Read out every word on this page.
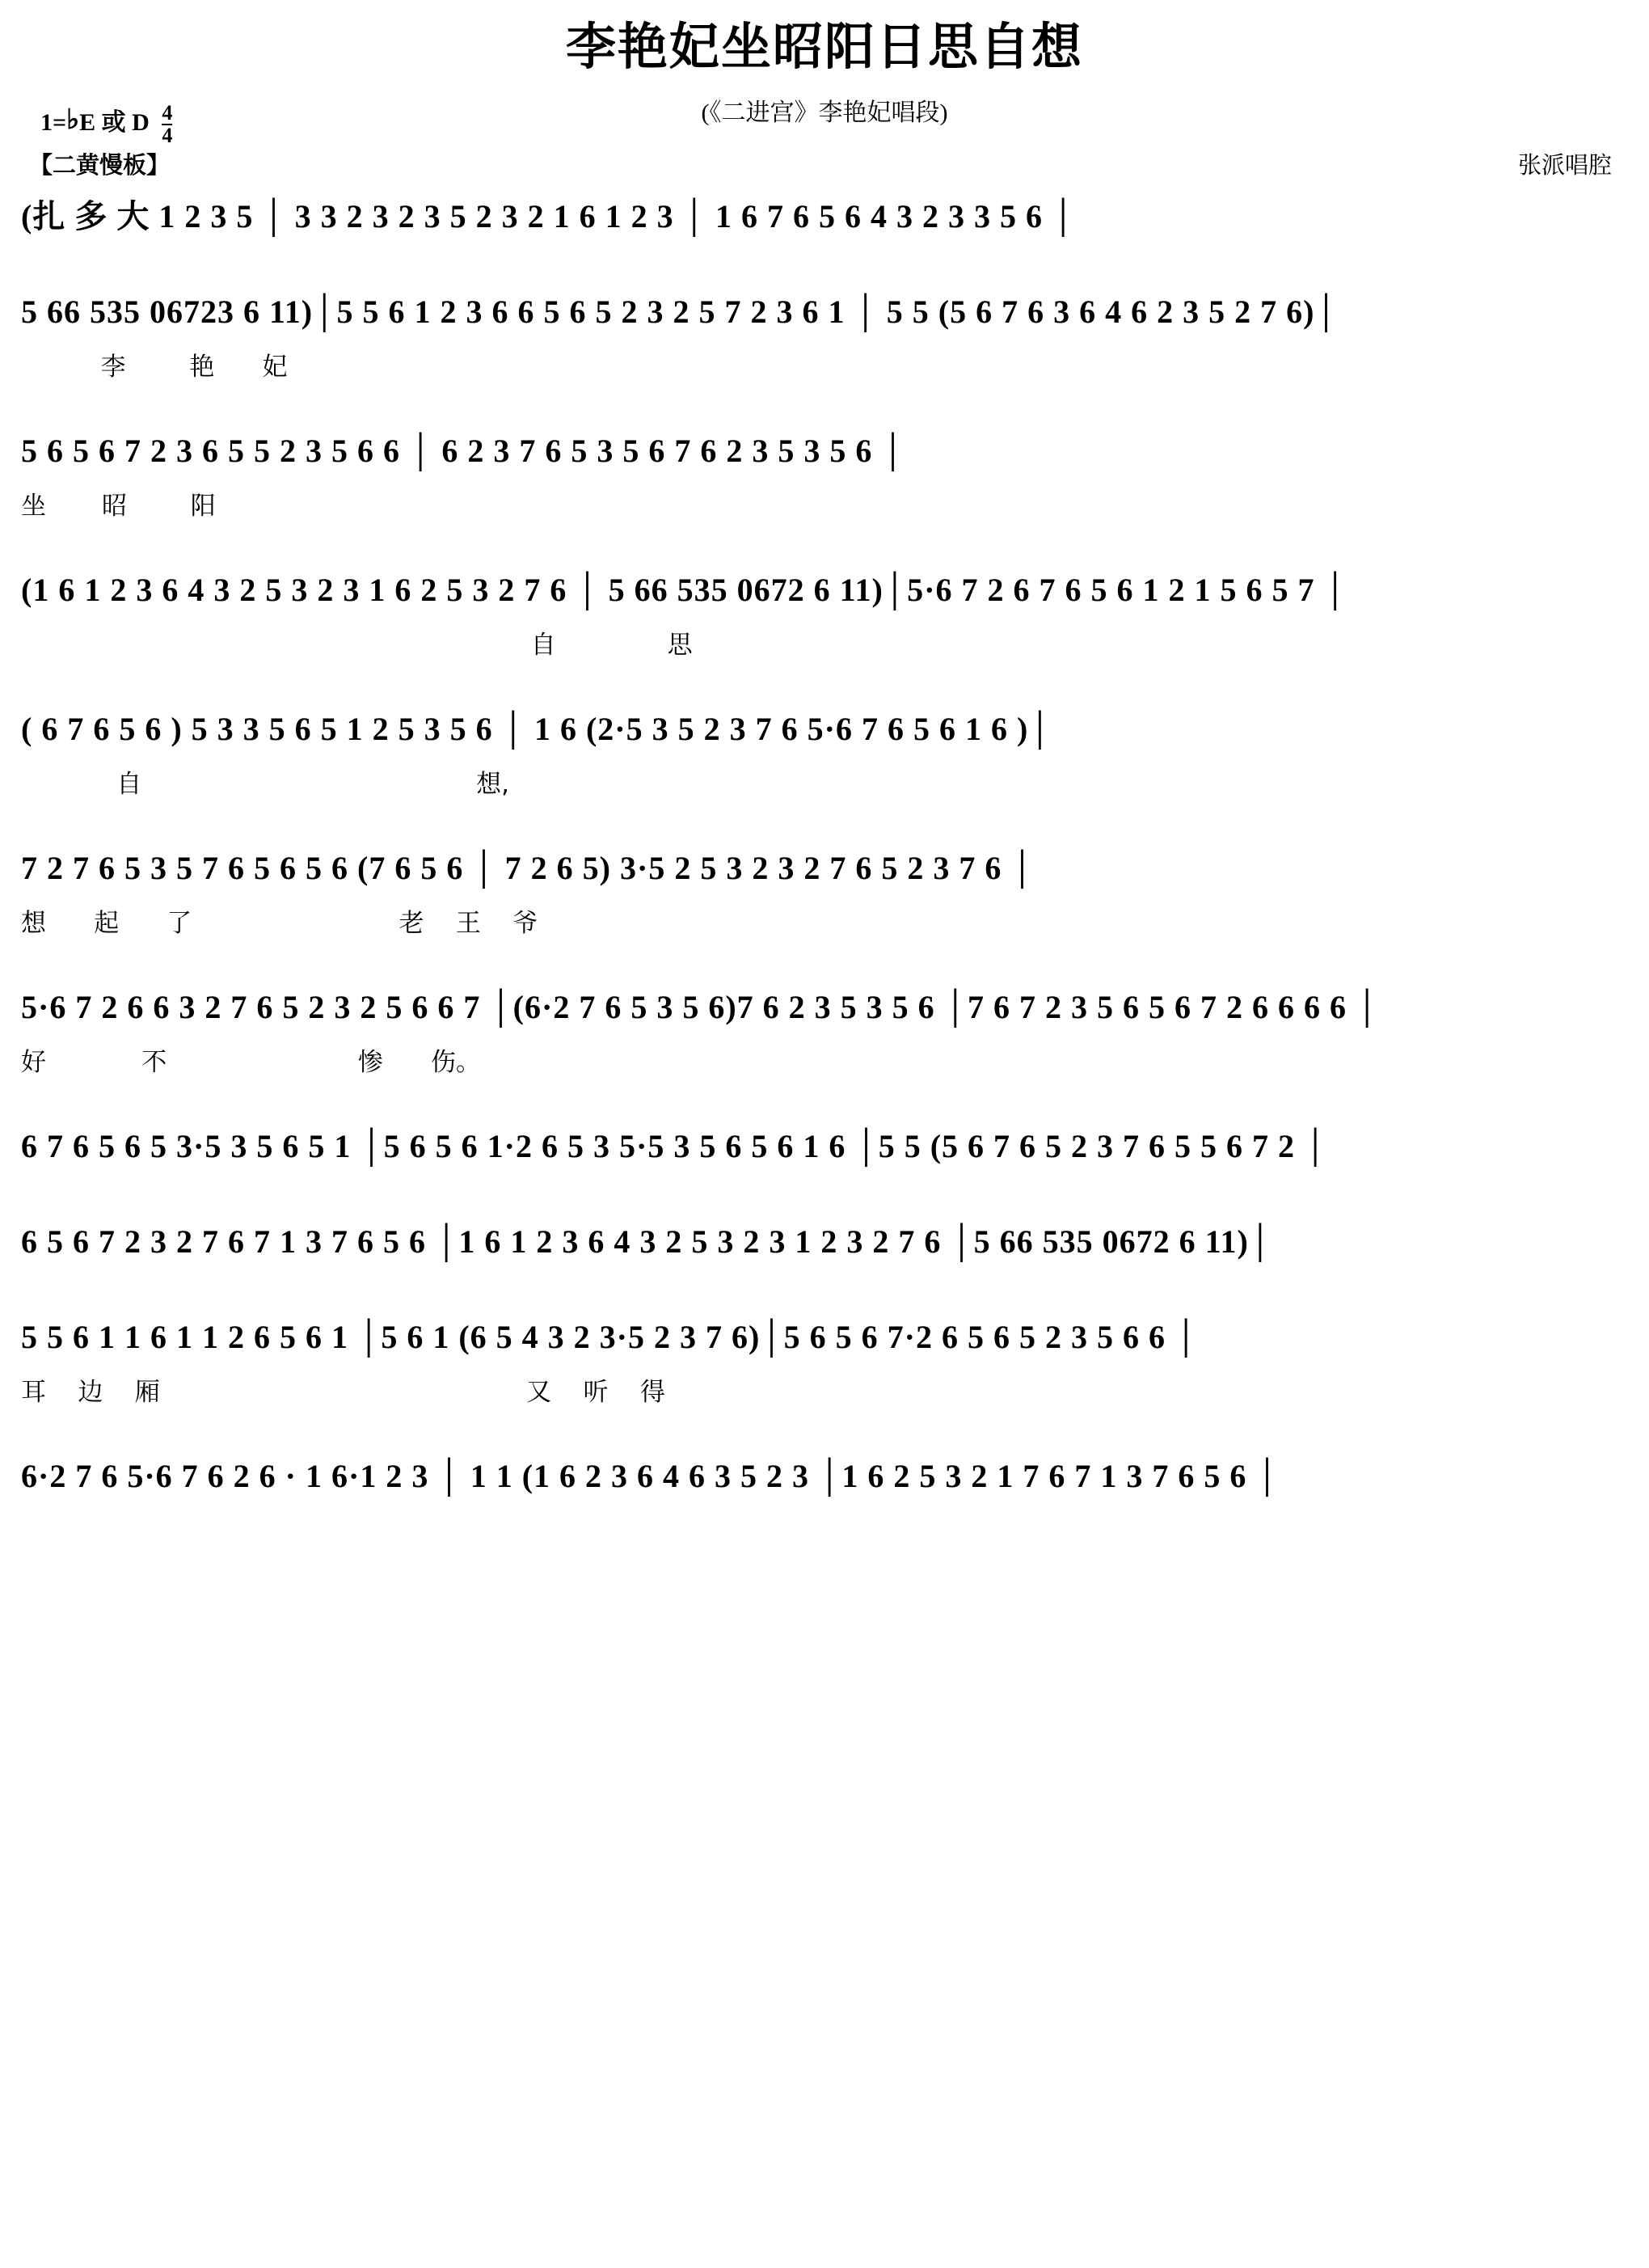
李艳妃坐昭阳日思自想
(《二进宫》李艳妃唱段)
1=♭E 或 D $\frac{4}{4}$
【二黄慢板】	张派唱腔
(扎 多 大 1 2 3 5 │ 3 3 2 3 2 3 5 2 3 2 1 6 1 2 3 │ 1 6 7 6 5 6 4 3 2 3 3 5 6 │
5 66 535 06723 6 11)│5 5 6 1 2 3 6 6 5 6 5 2 3 2 5 7 2 3 6 1 │ 5 5 (5 6 7 6 3 6 4 6 2 3 5 2 7 6)│
李        艳      妃
5 6 5 6 7 2 3 6 5 5 2 3 5 6 6 │ 6 2 3 7 6 5 3 5 6 7 6 2 3 5 3 5 6 │
坐       昭        阳
(1 6 1 2 3 6 4 3 2 5 3 2 3 1 6 2 5 3 2 7 6 │ 5 66 535 0672 6 11)│5·6 7 2 6 7 6 5 6 1 2 1 5 6 5 7 │
自              思
( 6 7 6 5 6 ) 5 3 3 5 6 5 1 2 5 3 5 6 │ 1 6 (2·5 3 5 2 3 7 6 5·6 7 6 5 6 1 6 )│
自                                          想,
7 2 7 6 5 3 5 7 6 5 6 5 6 (7 6 5 6 │ 7 2 6 5) 3·5 2 5 3 2 3 2 7 6 5 2 3 7 6 │
想      起      了                          老    王    爷
5·6 7 2 6 6 3 2 7 6 5 2 3 2 5 6 6 7 │(6·2 7 6 5 3 5 6)7 6 2 3 5 3 5 6 │7 6 7 2 3 5 6 5 6 7 2 6 6 6 6 │
好            不                        惨      伤。
6 7 6 5 6 5 3·5 3 5 6 5 1 │5 6 5 6 1·2 6 5 3 5·5 3 5 6 5 6 1 6 │5 5 (5 6 7 6 5 2 3 7 6 5 5 6 7 2 │
6 5 6 7 2 3 2 7 6 7 1 3 7 6 5 6 │1 6 1 2 3 6 4 3 2 5 3 2 3 1 2 3 2 7 6 │5 66 535 0672 6 11)│
5 5 6 1 1 6 1 1 2 6 5 6 1 │5 6 1 (6 5 4 3 2 3·5 2 3 7 6)│5 6 5 6 7·2 6 5 6 5 2 3 5 6 6 │
耳    边    厢                                              又    听    得
6·2 7 6 5·6 7 6 2 6 · 1 6·1 2 3 │ 1 1 (1 6 2 3 6 4 6 3 5 2 3 │1 6 2 5 3 2 1 7 6 7 1 3 7 6 5 6 │
